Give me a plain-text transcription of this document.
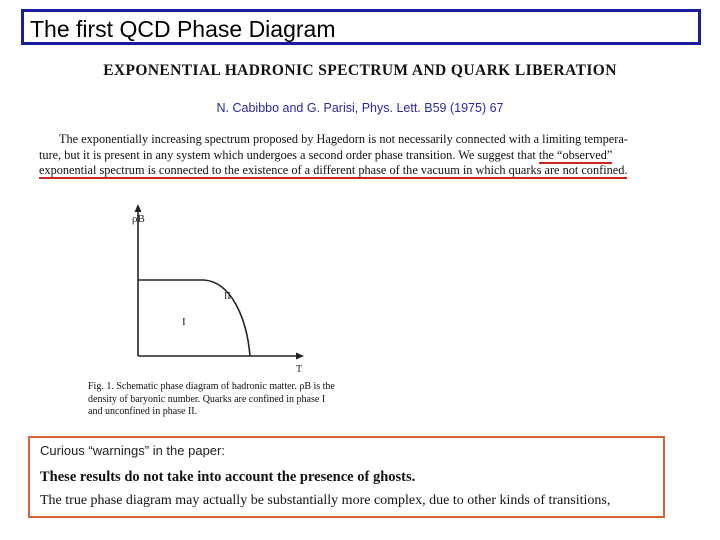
The first QCD Phase Diagram
EXPONENTIAL HADRONIC SPECTRUM AND QUARK LIBERATION
N. Cabibbo and G. Parisi, Phys. Lett. B59 (1975) 67
The exponentially increasing spectrum proposed by Hagedorn is not necessarily connected with a limiting tempera-
ture, but it is present in any system which undergoes a second order phase transition. We suggest that the “observed”
exponential spectrum is connected to the existence of a different phase of the vacuum in which quarks are not confined.
ρB
T
I
II
Fig. 1. Schematic phase diagram of hadronic matter. ρB is the
density of baryonic number. Quarks are confined in phase I
and unconfined in phase II.
Curious “warnings” in the paper:
These results do not take into account the presence of ghosts.
The true phase diagram may actually be substantially more complex, due to other kinds of transitions,
